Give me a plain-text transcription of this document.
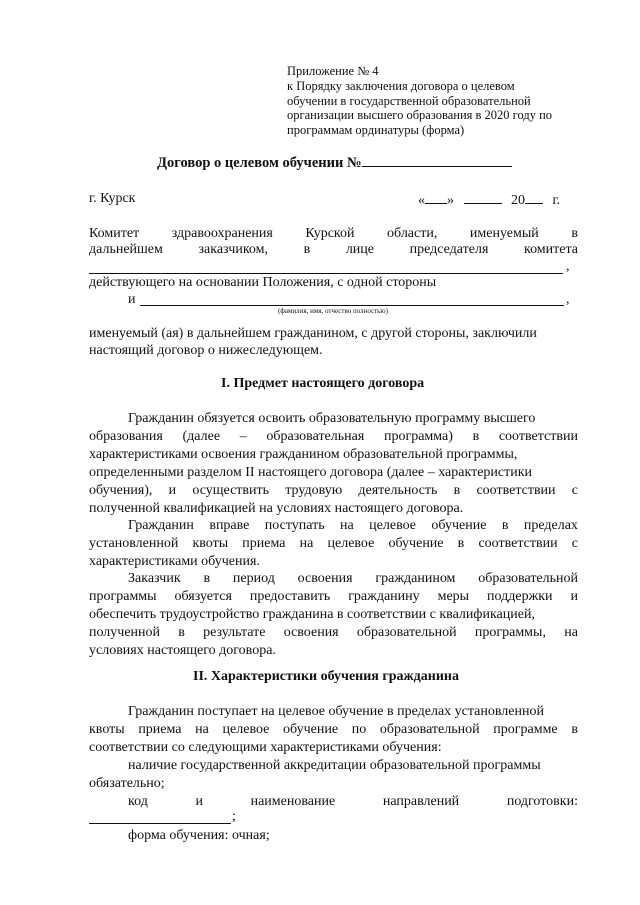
Приложение № 4
к Порядку заключения договора о целевом
обучении в государственной образовательной
организации высшего образования в 2020 году по
программам ординатуры (форма)
Договор о целевом обучении №
г. Курск	« »	20 г.
Комитет здравоохранения Курской области, именуемый в
дальнейшем	заказчиком,	в	лице	председателя	комитета
,
действующего на основании Положения, с одной стороны
и	,
(фамилия, имя, отчество полностью)
именуемый (ая) в дальнейшем гражданином, с другой стороны, заключили
настоящий договор о нижеследующем.
I. Предмет настоящего договора
Гражданин обязуется освоить образовательную программу высшего
образования (далее – образовательная программа) в соответствии
характеристиками освоения гражданином образовательной программы,
определенными разделом II настоящего договора (далее – характеристики
обучения), и осуществить трудовую деятельность в соответствии с
полученной квалификацией на условиях настоящего договора.
Гражданин вправе поступать на целевое обучение в пределах
установленной квоты приема на целевое обучение в соответствии с
характеристиками обучения.
Заказчик в период освоения гражданином образовательной
программы обязуется предоставить гражданину меры поддержки и
обеспечить трудоустройство гражданина в соответствии с квалификацией,
полученной в результате освоения образовательной программы, на
условиях настоящего договора.
II. Характеристики обучения гражданина
Гражданин поступает на целевое обучение в пределах установленной
квоты приема на целевое обучение по образовательной программе в
соответствии со следующими характеристиками обучения:
наличие государственной аккредитации образовательной программы
обязательно;
код	и	наименование	направлений	подготовки:
;
форма обучения: очная;
